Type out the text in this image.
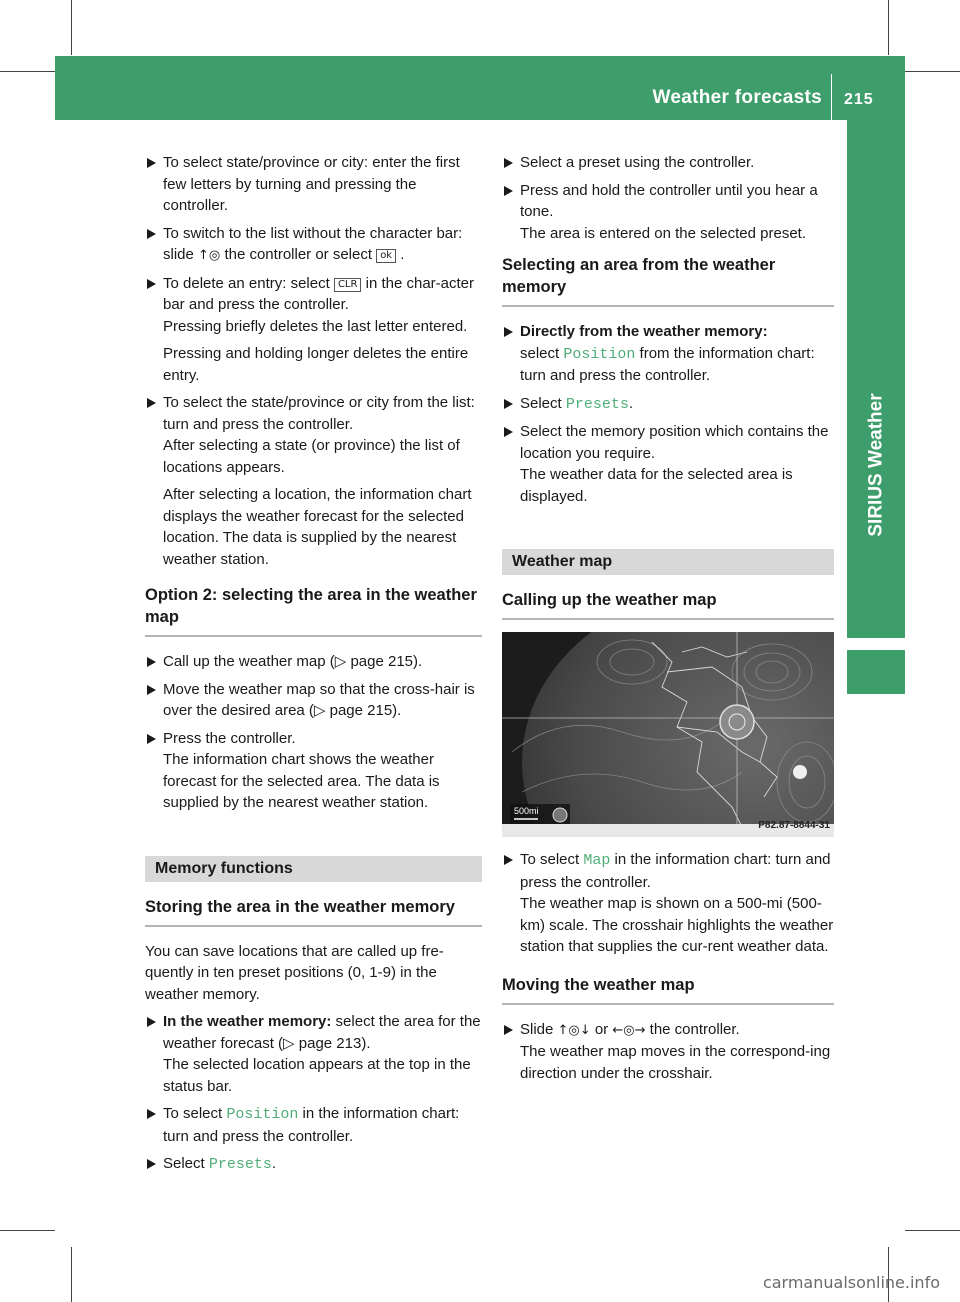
Weather forecasts 215
SIRIUS Weather

To select state/province or city: enter the first few letters by turning and pressing the controller.

To switch to the list without the character bar: slide ↑◎ the controller or select ok .

To delete an entry: select CLR in the char-acter bar and press the controller.

Pressing briefly deletes the last letter entered.

Pressing and holding longer deletes the entire entry.

To select the state/province or city from the list: turn and press the controller.

After selecting a state (or province) the list of locations appears.

After selecting a location, the information chart displays the weather forecast for the selected location. The data is supplied by the nearest weather station.

Option 2: selecting the area in the weather map

Call up the weather map (▷ page 215).

Move the weather map so that the cross-hair is over the desired area (▷ page 215).

Press the controller.

The information chart shows the weather forecast for the selected area. The data is supplied by the nearest weather station.

Memory functions
Storing the area in the weather memory

You can save locations that are called up fre-quently in ten preset positions (0, 1-9) in the weather memory.

In the weather memory: select the area for the weather forecast (▷ page 213).

The selected location appears at the top in the status bar.

To select Position in the information chart: turn and press the controller.

Select Presets.

Select a preset using the controller.

Press and hold the controller until you hear a tone.

The area is entered on the selected preset.

Selecting an area from the weather memory

Directly from the weather memory:

select Position from the information chart: turn and press the controller.

Select Presets.

Select the memory position which contains the location you require.

The weather data for the selected area is displayed.

Weather map
Calling up the weather map
500mi
P82.87-8844-31

To select Map in the information chart: turn and press the controller.

The weather map is shown on a 500-mi (500-km) scale. The crosshair highlights the weather station that supplies the cur-rent weather data.

Moving the weather map

Slide ↑◎↓ or ←◎→ the controller.

The weather map moves in the correspond-ing direction under the crosshair.

carmanualsonline.info
